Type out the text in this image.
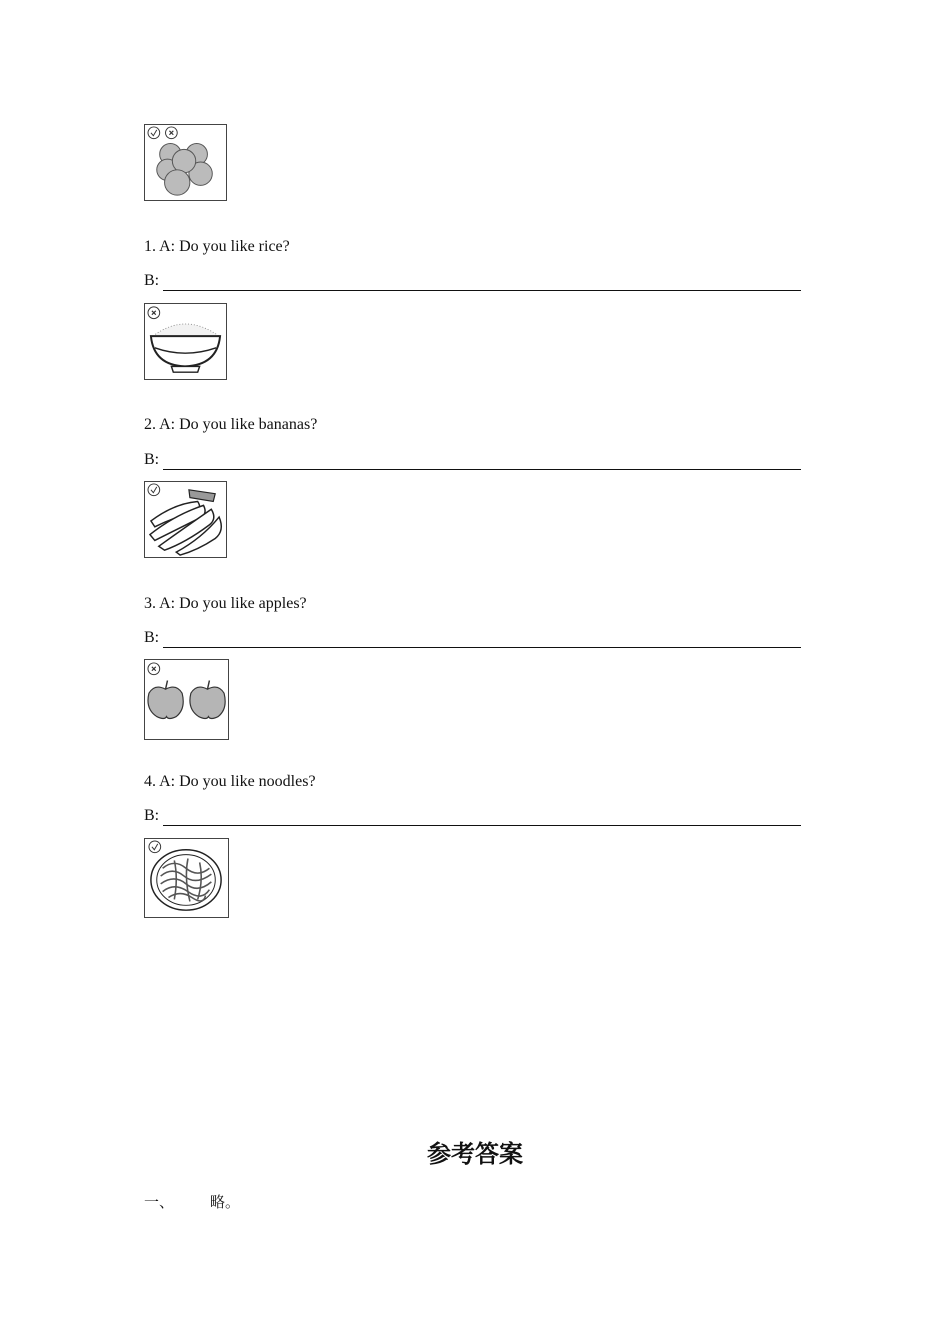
1. A: Do you like rice?
B:
2. A: Do you like bananas?
B:
3. A: Do you like apples?
B:
4. A: Do you like noodles?
B:
参考答案
一、 略。
